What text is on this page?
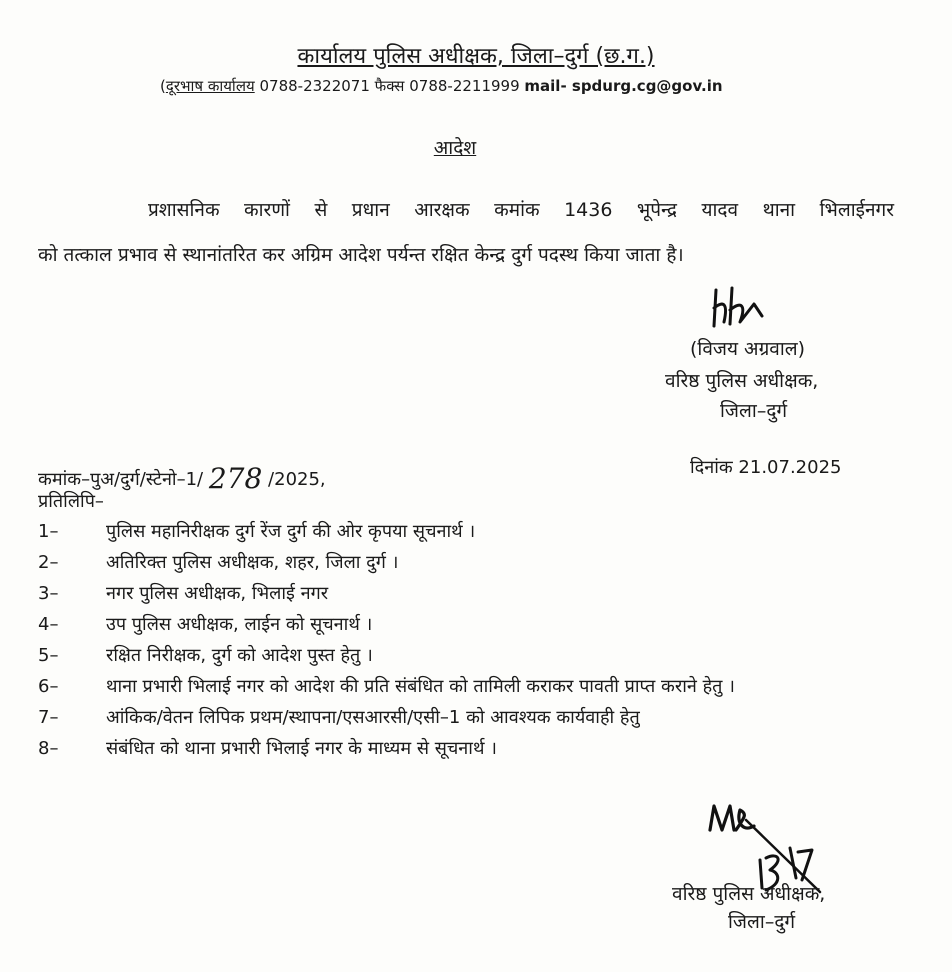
कार्यालय पुलिस अधीक्षक, जिला–दुर्ग (छ.ग.)
(दूरभाष कार्यालय 0788-2322071 फैक्स 0788-2211999 mail- spdurg.cg@gov.in
आदेश
प्रशासनिक कारणों से प्रधान आरक्षक कमांक 1436 भूपेन्द्र यादव थाना भिलाईनगर
को तत्काल प्रभाव से स्थानांतरित कर अग्रिम आदेश पर्यन्त रक्षित केन्द्र दुर्ग पदस्थ किया जाता है।
(विजय अग्रवाल)
वरिष्ठ पुलिस अधीक्षक,
जिला–दुर्ग
कमांक–पुअ/दुर्ग/स्टेनो–1/ 278 /2025,
दिनांक 21.07.2025
प्रतिलिपि–
1–	पुलिस महानिरीक्षक दुर्ग रेंज दुर्ग की ओर कृपया सूचनार्थ ।
2–	अतिरिक्त पुलिस अधीक्षक, शहर, जिला दुर्ग ।
3–	नगर पुलिस अधीक्षक, भिलाई नगर
4–	उप पुलिस अधीक्षक, लाईन को सूचनार्थ ।
5–	रक्षित निरीक्षक, दुर्ग को आदेश पुस्त हेतु ।
6–	थाना प्रभारी भिलाई नगर को आदेश की प्रति संबंधित को तामिली कराकर पावती प्राप्त कराने हेतु ।
7–	आंकिक/वेतन लिपिक प्रथम/स्थापना/एसआरसी/एसी–1 को आवश्यक कार्यवाही हेतु
8–	संबंधित को थाना प्रभारी भिलाई नगर के माध्यम से सूचनार्थ ।
वरिष्ठ पुलिस अधीक्षक,
जिला–दुर्ग
